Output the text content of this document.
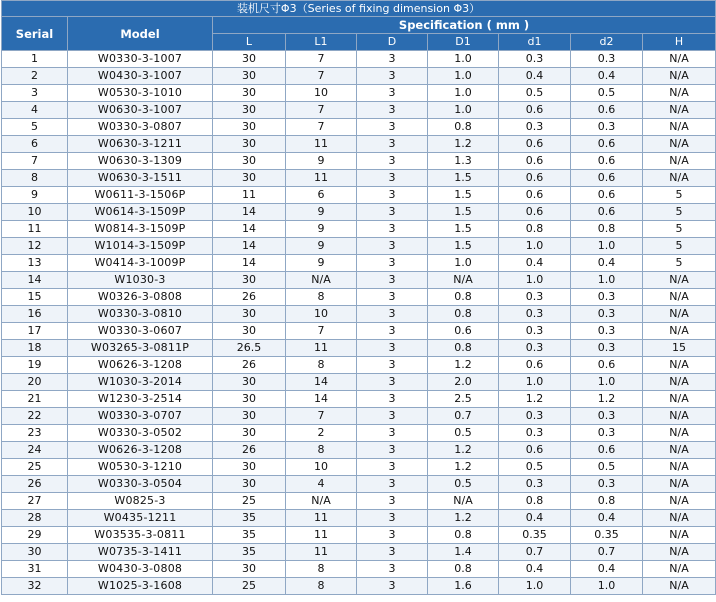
装机尺寸Φ3（Series of fixing dimension Φ3）								
Serial	Model	Specification ( mm )						
		L	L1	D	D1	d1	d2	H
1	W0330-3-1007	30	7	3	1.0	0.3	0.3	N/A
2	W0430-3-1007	30	7	3	1.0	0.4	0.4	N/A
3	W0530-3-1010	30	10	3	1.0	0.5	0.5	N/A
4	W0630-3-1007	30	7	3	1.0	0.6	0.6	N/A
5	W0330-3-0807	30	7	3	0.8	0.3	0.3	N/A
6	W0630-3-1211	30	11	3	1.2	0.6	0.6	N/A
7	W0630-3-1309	30	9	3	1.3	0.6	0.6	N/A
8	W0630-3-1511	30	11	3	1.5	0.6	0.6	N/A
9	W0611-3-1506P	11	6	3	1.5	0.6	0.6	5
10	W0614-3-1509P	14	9	3	1.5	0.6	0.6	5
11	W0814-3-1509P	14	9	3	1.5	0.8	0.8	5
12	W1014-3-1509P	14	9	3	1.5	1.0	1.0	5
13	W0414-3-1009P	14	9	3	1.0	0.4	0.4	5
14	W1030-3	30	N/A	3	N/A	1.0	1.0	N/A
15	W0326-3-0808	26	8	3	0.8	0.3	0.3	N/A
16	W0330-3-0810	30	10	3	0.8	0.3	0.3	N/A
17	W0330-3-0607	30	7	3	0.6	0.3	0.3	N/A
18	W03265-3-0811P	26.5	11	3	0.8	0.3	0.3	15
19	W0626-3-1208	26	8	3	1.2	0.6	0.6	N/A
20	W1030-3-2014	30	14	3	2.0	1.0	1.0	N/A
21	W1230-3-2514	30	14	3	2.5	1.2	1.2	N/A
22	W0330-3-0707	30	7	3	0.7	0.3	0.3	N/A
23	W0330-3-0502	30	2	3	0.5	0.3	0.3	N/A
24	W0626-3-1208	26	8	3	1.2	0.6	0.6	N/A
25	W0530-3-1210	30	10	3	1.2	0.5	0.5	N/A
26	W0330-3-0504	30	4	3	0.5	0.3	0.3	N/A
27	W0825-3	25	N/A	3	N/A	0.8	0.8	N/A
28	W0435-1211	35	11	3	1.2	0.4	0.4	N/A
29	W03535-3-0811	35	11	3	0.8	0.35	0.35	N/A
30	W0735-3-1411	35	11	3	1.4	0.7	0.7	N/A
31	W0430-3-0808	30	8	3	0.8	0.4	0.4	N/A
32	W1025-3-1608	25	8	3	1.6	1.0	1.0	N/A
